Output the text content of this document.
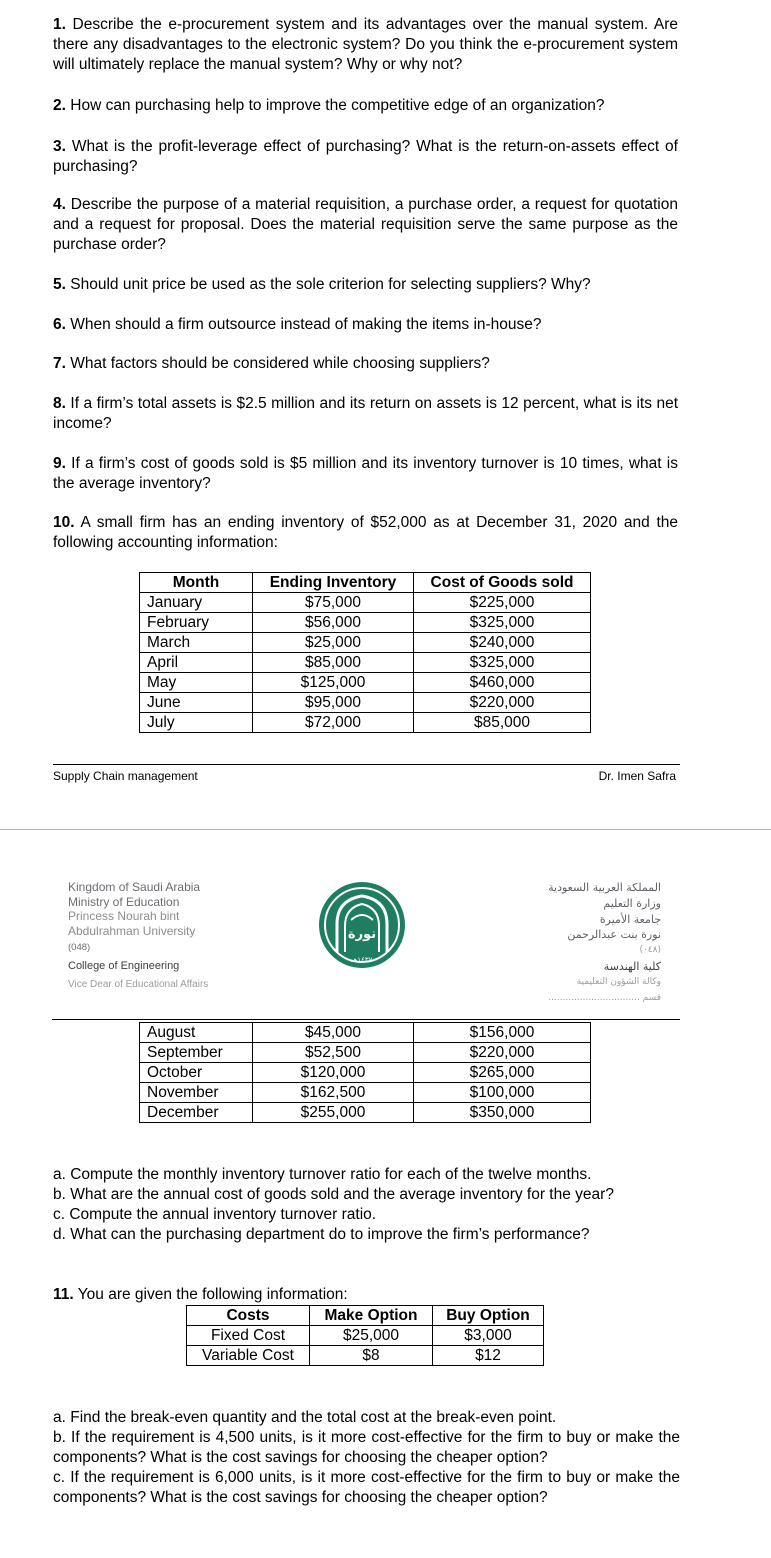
1. Describe the e-procurement system and its advantages over the manual system. Are there any disadvantages to the electronic system? Do you think the e-procurement system will ultimately replace the manual system? Why or why not?
2. How can purchasing help to improve the competitive edge of an organization?
3. What is the profit-leverage effect of purchasing? What is the return-on-assets effect of purchasing?
4. Describe the purpose of a material requisition, a purchase order, a request for quotation and a request for proposal. Does the material requisition serve the same purpose as the purchase order?
5. Should unit price be used as the sole criterion for selecting suppliers? Why?
6. When should a firm outsource instead of making the items in-house?
7. What factors should be considered while choosing suppliers?
8. If a firm’s total assets is $2.5 million and its return on assets is 12 percent, what is its net income?
9. If a firm’s cost of goods sold is $5 million and its inventory turnover is 10 times, what is the average inventory?
10. A small firm has an ending inventory of $52,000 as at December 31, 2020 and the following accounting information:
Month	Ending Inventory	Cost of Goods sold
January	$75,000	$225,000
February	$56,000	$325,000
March	$25,000	$240,000
April	$85,000	$325,000
May	$125,000	$460,000
June	$95,000	$220,000
July	$72,000	$85,000
Supply Chain management	Dr. Imen Safra
Kingdom of Saudi Arabia
Ministry of Education
Princess Nourah bint
Abdulrahman University
(048)
College of Engineering
Vice Dear of Educational Affairs
نورة
١٤٣٧هـ
المملكة العربية السعودية
وزارة التعليم
جامعة الأميرة
نورة بنت عبدالرحمن
(٠٤٨)
كلية الهندسة
وكالة الشؤون التعليمية
قسم ................................
August	$45,000	$156,000
September	$52,500	$220,000
October	$120,000	$265,000
November	$162,500	$100,000
December	$255,000	$350,000
a. Compute the monthly inventory turnover ratio for each of the twelve months.
b. What are the annual cost of goods sold and the average inventory for the year?
c. Compute the annual inventory turnover ratio.
d. What can the purchasing department do to improve the firm’s performance?
11. You are given the following information:
Costs	Make Option	Buy Option
Fixed Cost	$25,000	$3,000
Variable Cost	$8	$12
a. Find the break-even quantity and the total cost at the break-even point.
b. If the requirement is 4,500 units, is it more cost-effective for the firm to buy or make the components? What is the cost savings for choosing the cheaper option?
c. If the requirement is 6,000 units, is it more cost-effective for the firm to buy or make the components? What is the cost savings for choosing the cheaper option?
